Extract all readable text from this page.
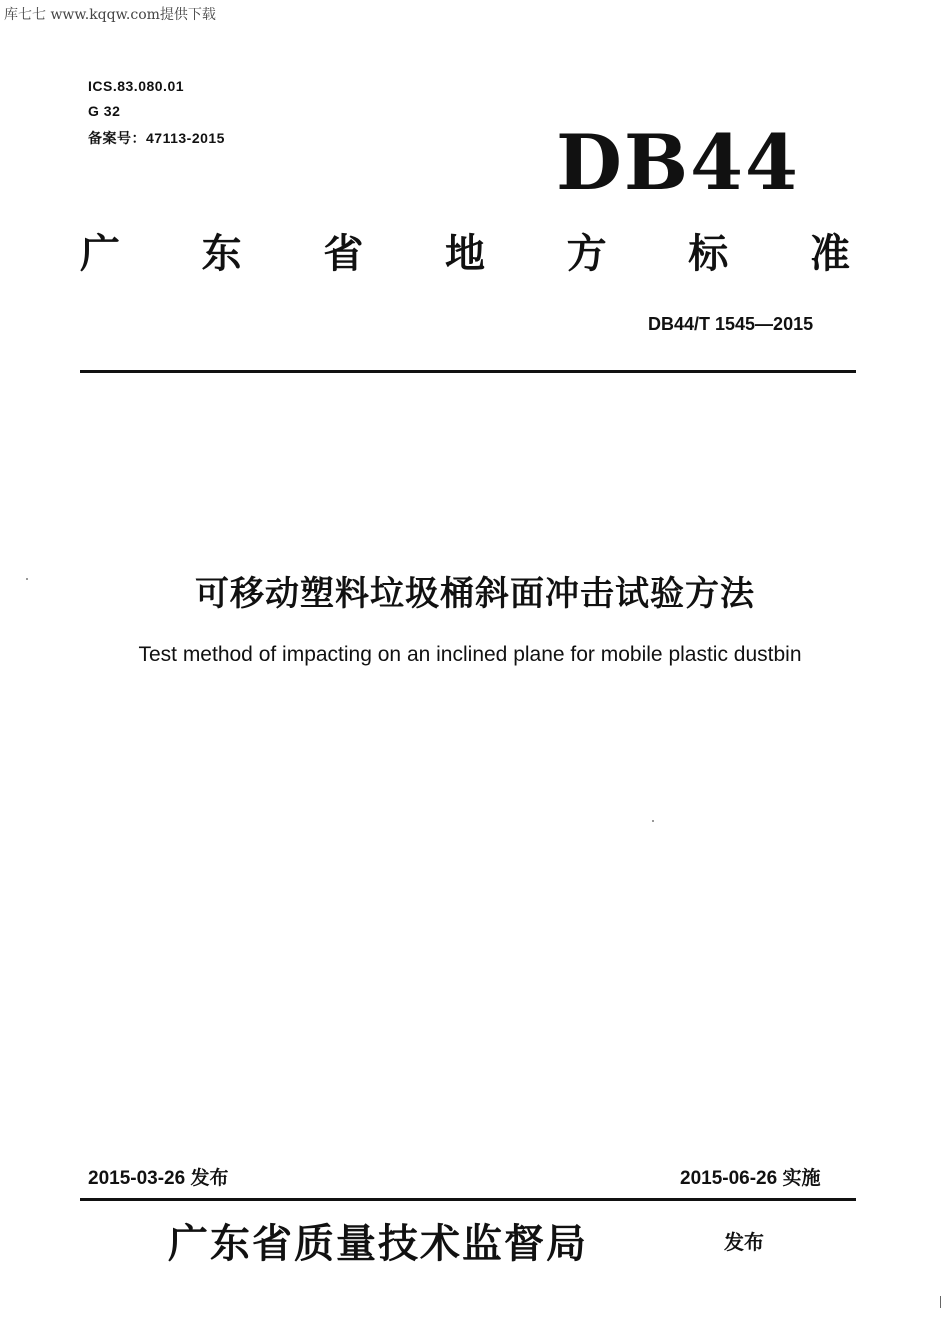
库七七 www.kqqw.com提供下载
ICS.83.080.01
G 32
备案号：47113-2015	DB44
广 东 省 地 方 标 准
DB44/T 1545—2015
可移动塑料垃圾桶斜面冲击试验方法
Test method of impacting on an inclined plane for mobile plastic dustbin
2015-03-26 发布	2015-06-26 实施
广东省质量技术监督局	发布
